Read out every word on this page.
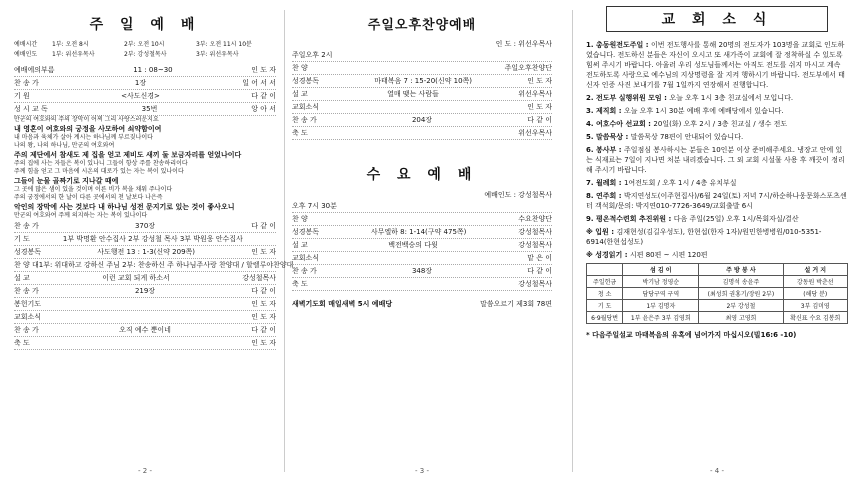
주 일 예 배
예배시간	1부: 오전 8시	2부: 오전 10시	3부: 오전 11시 10분
예배인도	1부: 위선우목사	2부: 강성철목사	3부: 위선우목사
예배에의부름	11 : 08~30	인 도 자
찬 송 가	1장	일 어 서 서
기 원	<사도신경>	다 같 이
성 시 교 독	35번	앙 아 서
만군의 여호와의 주의 장막이 어찌 그리 사랑스러운지요
내 영혼이 여호와의 궁정을 사모하여 쇠약함이여
내 마음과 육체가 살아 계시는 하나님께 부르짖나이다
나의 왕, 나의 하나님, 만군의 여호와여
주의 제단에서 참새도 제 집을 얻고 제비도 새끼 둘 보금자리를 얻었나이다
주의 집에 사는 자들은 복이 있나니 그들이 항상 주를 찬송하리이다
주께 힘을 얻고 그 마음에 시온의 대로가 있는 자는 복이 있나이다
그들이 눈물 골짜기로 지나갈 때에
그 곳에 많은 샘이 있을 것이며 이른 비가 복을 채워 주나이다
주의 궁정에서의 한 날이 다른 곳에서의 천 날보다 나은즉
악인의 장막에 사는 것보다 내 하나님 성전 문지기로 있는 것이 좋사오니
만군의 여호와여 주께 의지하는 자는 복이 있나이다
찬 송 가	370장	다 같 이
기 도	1부 박명환 안수집사 2부 강성철 목사 3부 박원웅 안수집사
성경봉독	사도행전 13 : 1-3(신약 209쪽)	인 도 자
찬 양 대 1부: 위대하고 강하신 주님 2부: 찬송하신 주 하나님 주사랑 찬양대 / 할렐루야찬양대
설 교	이런 교회 되게 하소서	강성철목사
찬 송 가	219장	다 같 이
봉헌기도	인 도 자
교회소식	인 도 자
찬 송 가	오직 예수 뿐이네	다 같 이
축 도	인 도 자
- 2 -
주일오후찬양예배
인 도 : 위선우목사
주일오후 2시
찬 양	주일오후찬양단
성경봉독	마태복음 7 : 15-20(신약 10쪽)	인 도 자
설 교	열매 맺는 사람들	위선우목사
교회소식	인 도 자
찬 송 가	204장	다 같 이
축 도	위선우목사
수 요 예 배
예배인도 : 강성철목사
오후 7시 30분
찬 양	수요찬양단
성경봉독	사무엘하 8: 1-14(구약 475쪽)	강성철목사
설 교	백전백승의 다윗	강성철목사
교회소식	맡 은 이
찬 송 가	348장	다 같 이
축 도	강성철목사
새벽기도회 매일새벽 5시 예배당	말씀오르기 제3회 78편
- 3 -
교 회 소 식
1. 총동원전도주일 : 이번 전도행사를 통해 20명의 전도자가 103명을 교회로 인도하였습니다. 전도하신 분들은 자신이 오시고 또 새가족이 교회에 잘 정착하실 수 있도록 힘써 주시기 바랍니다. 아울러 우리 성도님들께서는 아직도 전도를 쉬지 마시고 계속 전도하도록 사랑으로 예수님의 지상명령을 잘 지켜 행하시기 바랍니다. 전도부에서 태신자 인증 사진 보내기를 7월 1일까지 연장해서 진행합니다.
2. 전도부 실행위원 모임 : 오늘 오후 1시 3층 친교실에서 모입니다.
3. 제직회 : 오늘 오후 1시 30분 예배 후에 예배당에서 있습니다.
4. 여호수아 선교회 : 20일(화) 오후 2시 / 3층 친교실 / 생수 전도
5. 말씀묵상 : 말씀묵상 78편이 안내되어 있습니다.
6. 봉사부 : 주일점심 봉사하시는 분들은 10인분 이상 준비해주세요. 냉장고 안에 있는 식재료는 7일이 지나면 처분 내리겠습니다. 그 외 교회 시설물 사용 후 깨끗이 정리해 주시기 바랍니다.
7. 월례회 : 1여전도회 / 오후 1시 / 4층 유치부실
8. 연주회 : 박지연성도(이주현집사)/6월 24일(토) 저녁 7시/하순하나웅문화스포츠센터 객석회/문의: 박지연010-7726-3649/교회출발 6시
9. 평온적수련회 추진위원 : 다음 주일(25일) 오후 1시/목회자실/결산
※ 입원 : 김재현성(김길우성도), 한현섭(한자 1자)/원민한병병원/010-5351-6914(한현섭성도)
※ 성경읽기 : 시편 80편 ~ 시편 120편
	섬 김 이	주 방 봉 사	설 거 지
주일헌금	박기남 정영순	김명석 송윤주	강동원 박춘선
청 소	담당구역 구역	(최성희 권홍기/장원 2부)	(해당 분)
기 도	1부 김명자	2부 강성철	3부 김미영
6·9월당번	1부 윤은주 3부 김영희	최영 고영희	확신표 수요 김봉희
* 다음주일설교 마태복음의 유혹에 넘어가지 마십시오(빌16:6 -10)
- 4 -
